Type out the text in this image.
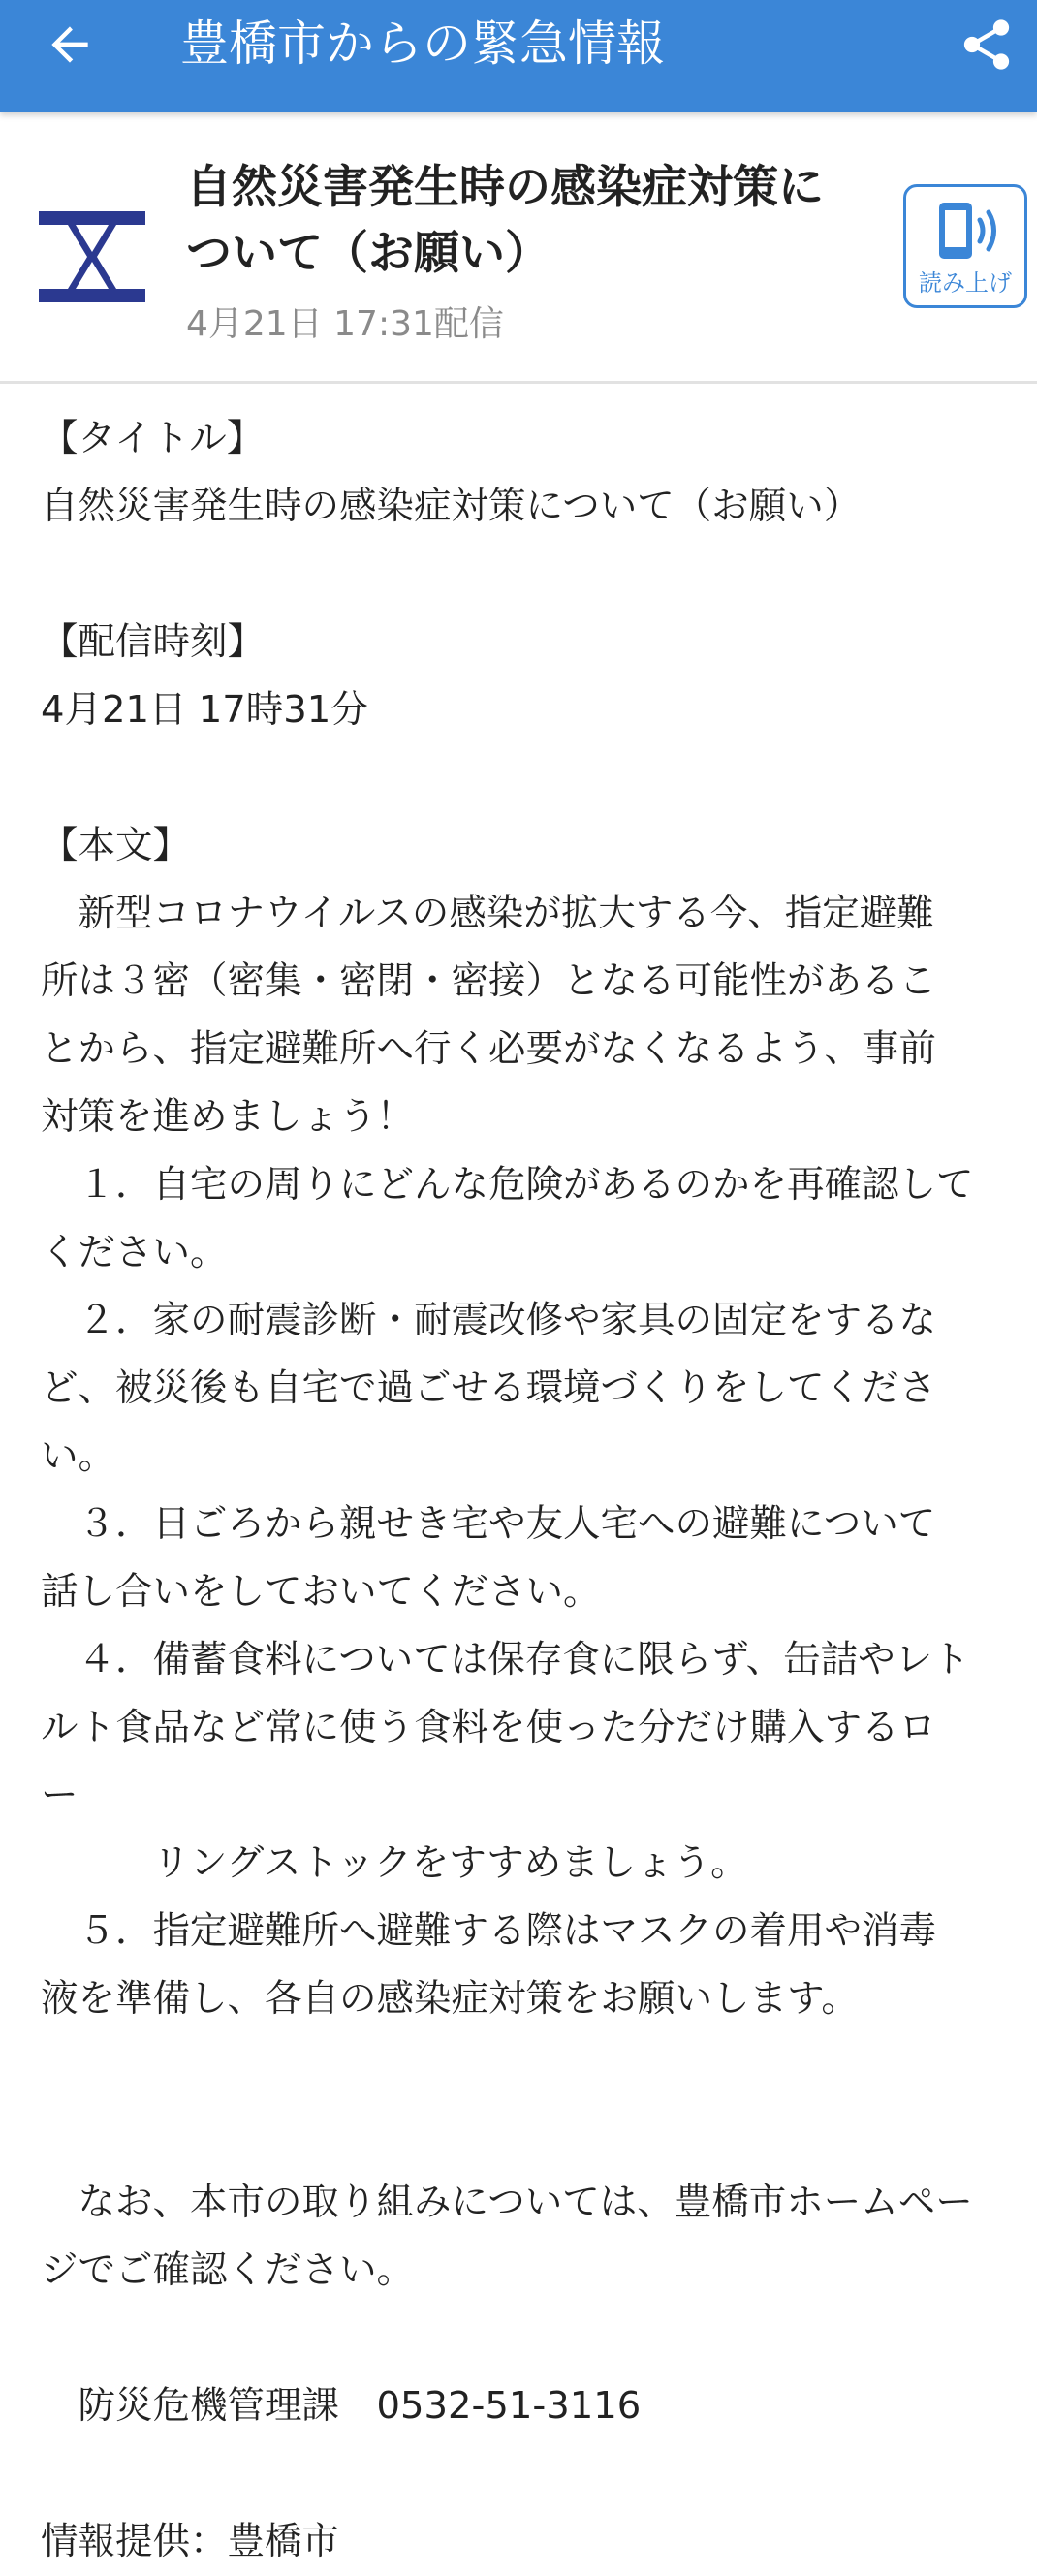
豊橋市からの緊急情報
自然災害発生時の感染症対策に
ついて（お願い）
4月21日 17:31配信
読み上げ
【タイトル】
自然災害発生時の感染症対策について（お願い）
【配信時刻】
4月21日 17時31分
【本文】
　新型コロナウイルスの感染が拡大する今、指定避難
所は３密（密集・密閉・密接）となる可能性があるこ
とから、指定避難所へ行く必要がなくなるよう、事前
対策を進めましょう！
　１．自宅の周りにどんな危険があるのかを再確認して
ください。
　２．家の耐震診断・耐震改修や家具の固定をするな
ど、被災後も自宅で過ごせる環境づくりをしてくださ
い。
　３．日ごろから親せき宅や友人宅への避難について
話し合いをしておいてください。
　４．備蓄食料については保存食に限らず、缶詰やレト
ルト食品など常に使う食料を使った分だけ購入するロ
ー
　　　リングストックをすすめましょう。
　５．指定避難所へ避難する際はマスクの着用や消毒
液を準備し、各自の感染症対策をお願いします。
　なお、本市の取り組みについては、豊橋市ホームペー
ジでご確認ください。
　防災危機管理課　0532-51-3116
情報提供：豊橋市
